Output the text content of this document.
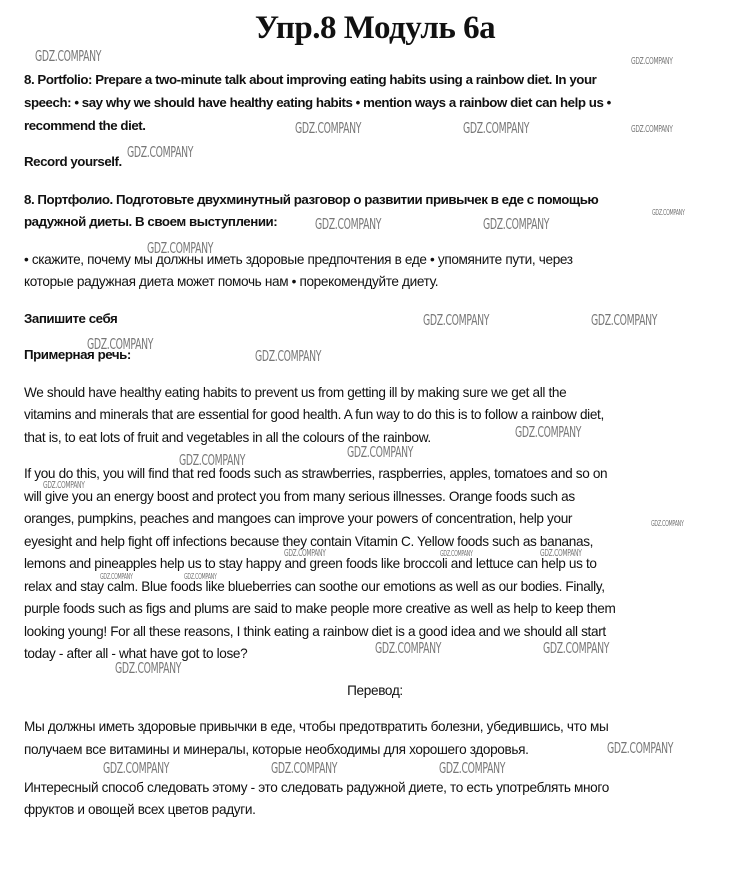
Упр.8 Модуль 6а
8. Portfolio: Prepare a two-minute talk about improving eating habits using a rainbow diet. In your
speech: • say why we should have healthy eating habits • mention ways a rainbow diet can help us •
recommend the diet.
Record yourself.
8. Портфолио. Подготовьте двухминутный разговор о развитии привычек в еде с помощью
радужной диеты. В своем выступлении:
• скажите, почему мы должны иметь здоровые предпочтения в еде • упомяните пути, через
которые радужная диета может помочь нам • порекомендуйте диету.
Запишите себя
Примерная речь:
We should have healthy eating habits to prevent us from getting ill by making sure we get all the
vitamins and minerals that are essential for good health. A fun way to do this is to follow a rainbow diet,
that is, to eat lots of fruit and vegetables in all the colours of the rainbow.
If you do this, you will find that red foods such as strawberries, raspberries, apples, tomatoes and so on
will give you an energy boost and protect you from many serious illnesses. Orange foods such as
oranges, pumpkins, peaches and mangoes can improve your powers of concentration, help your
eyesight and help fight off infections because they contain Vitamin C. Yellow foods such as bananas,
lemons and pineapples help us to stay happy and green foods like broccoli and lettuce can help us to
relax and stay calm. Blue foods like blueberries can soothe our emotions as well as our bodies. Finally,
purple foods such as figs and plums are said to make people more creative as well as help to keep them
looking young! For all these reasons, I think eating a rainbow diet is a good idea and we should all start
today - after all - what have got to lose?
Перевод:
Мы должны иметь здоровые привычки в еде, чтобы предотвратить болезни, убедившись, что мы
получаем все витамины и минералы, которые необходимы для хорошего здоровья.
Интересный способ следовать этому - это следовать радужной диете, то есть употреблять много
фруктов и овощей всех цветов радуги.
GDZ.COMPANY	GDZ.COMPANY
GDZ.COMPANY	GDZ.COMPANY	GDZ.COMPANY
GDZ.COMPANY
GDZ.COMPANY
GDZ.COMPANY	GDZ.COMPANY
GDZ.COMPANY
GDZ.COMPANY	GDZ.COMPANY
GDZ.COMPANY
GDZ.COMPANY
GDZ.COMPANY
GDZ.COMPANY
GDZ.COMPANY
GDZ.COMPANY
GDZ.COMPANY
GDZ.COMPANY	GDZ.COMPANY	GDZ.COMPANY
GDZ.COMPANY	GDZ.COMPANY
GDZ.COMPANY	GDZ.COMPANY
GDZ.COMPANY
GDZ.COMPANY
GDZ.COMPANY	GDZ.COMPANY	GDZ.COMPANY
